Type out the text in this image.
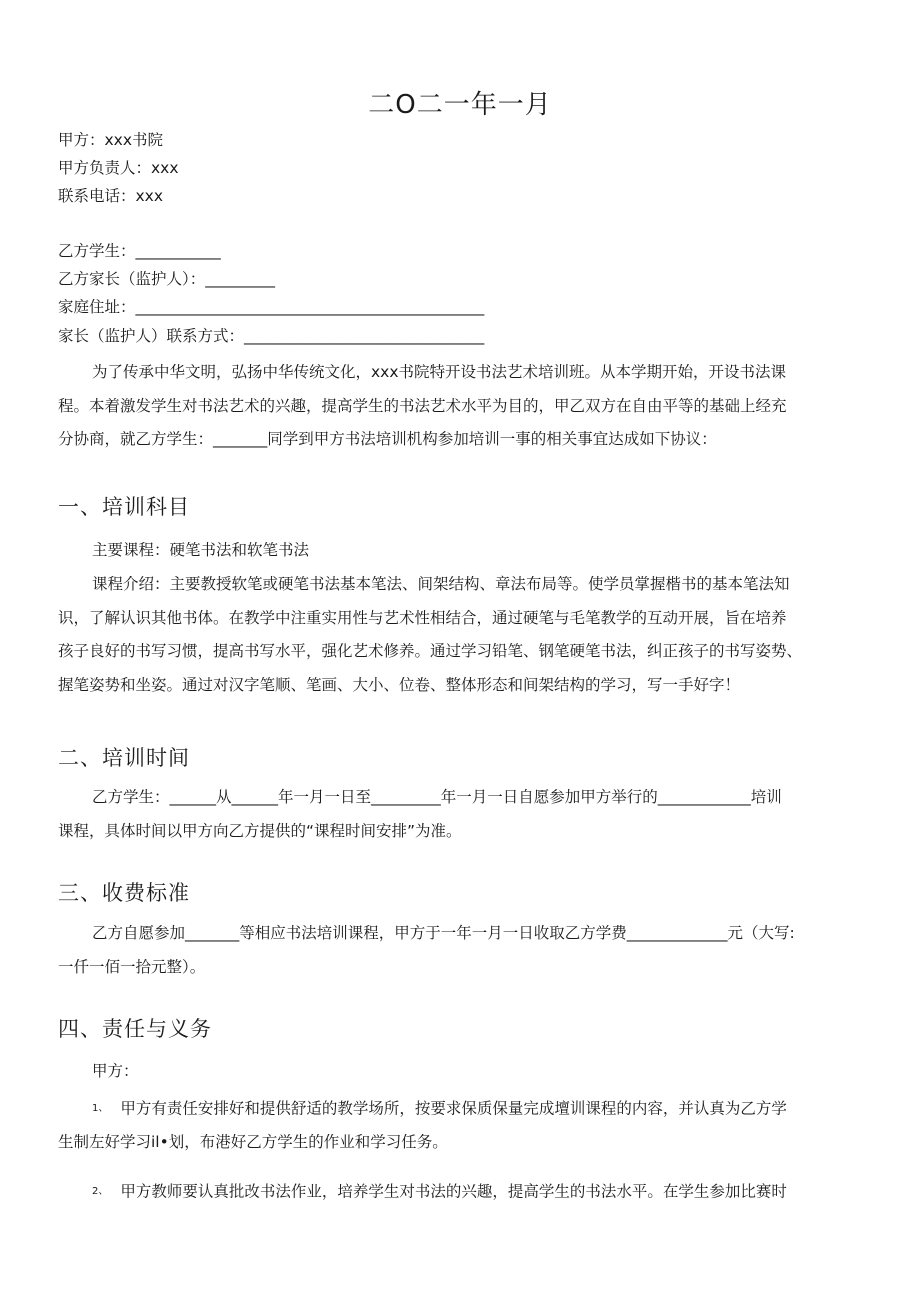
二O二一年一月
甲方：xxx书院
甲方负责人：xxx
联系电话：xxx
乙方学生：___________
乙方家长（监护人）：_________
家庭住址：_____________________________________________
家长（监护人）联系方式：_______________________________
为了传承中华文明，弘扬中华传统文化，xxx书院特开设书法艺术培训班。从本学期开始，开设书法课
程。本着激发学生对书法艺术的兴趣，提高学生的书法艺术水平为目的，甲乙双方在自由平等的基础上经充
分协商，就乙方学生：_______同学到甲方书法培训机构参加培训一事的相关事宜达成如下协议：
一、培训科目
主要课程：硬笔书法和软笔书法
课程介绍：主要教授软笔或硬笔书法基本笔法、间架结构、章法布局等。使学员掌握楷书的基本笔法知
识，了解认识其他书体。在教学中注重实用性与艺术性相结合，通过硬笔与毛笔教学的互动开展，旨在培养
孩子良好的书写习惯，提高书写水平，强化艺术修养。通过学习铅笔、钢笔硬笔书法，纠正孩子的书写姿势、
握笔姿势和坐姿。通过对汉字笔顺、笔画、大小、位卷、整体形态和间架结构的学习，写一手好字！
二、培训时间
乙方学生：______从______年一月一日至_________年一月一日自愿参加甲方举行的____________培训
课程，具体时间以甲方向乙方提供的“课程时间安排”为准。
三、收费标准
乙方自愿参加_______等相应书法培训课程，甲方于一年一月一日收取乙方学费_____________元（大写:
一仟一佰一拾元整）。
四、责任与义务
甲方：
1、 甲方有责任安排好和提供舒适的教学场所，按要求保质保量完成壇训课程的内容，并认真为乙方学
生制左好学习il•划，布港好乙方学生的作业和学习任务。
2、 甲方教师要认真批改书法作业，培养学生对书法的兴趣，提高学生的书法水平。在学生参加比赛时
